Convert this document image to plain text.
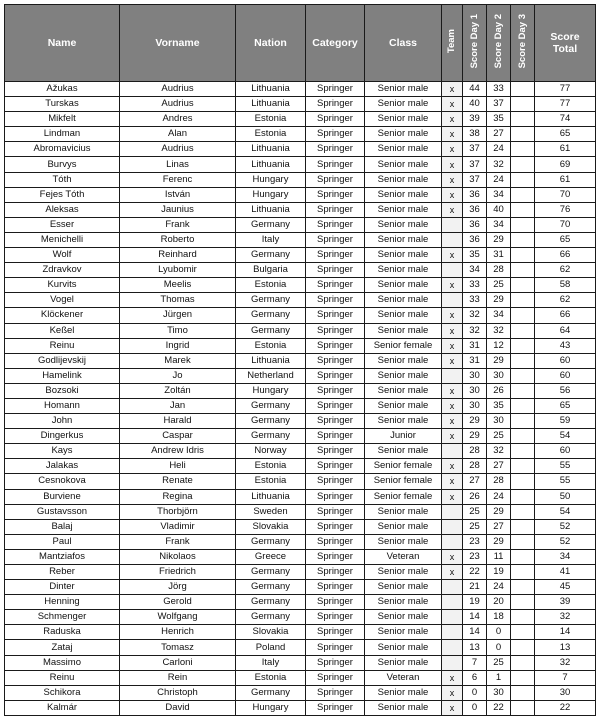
Name	Vorname	Nation	Category	Class	Team	Score Day 1	Score Day 2	Score Day 3	Score Total
Ažukas	Audrius	Lithuania	Springer	Senior male	x	44	33		77
Turskas	Audrius	Lithuania	Springer	Senior male	x	40	37		77
Mikfelt	Andres	Estonia	Springer	Senior male	x	39	35		74
Lindman	Alan	Estonia	Springer	Senior male	x	38	27		65
Abromavicius	Audrius	Lithuania	Springer	Senior male	x	37	24		61
Burvys	Linas	Lithuania	Springer	Senior male	x	37	32		69
Tóth	Ferenc	Hungary	Springer	Senior male	x	37	24		61
Fejes Tóth	István	Hungary	Springer	Senior male	x	36	34		70
Aleksas	Jaunius	Lithuania	Springer	Senior male	x	36	40		76
Esser	Frank	Germany	Springer	Senior male		36	34		70
Menichelli	Roberto	Italy	Springer	Senior male		36	29		65
Wolf	Reinhard	Germany	Springer	Senior male	x	35	31		66
Zdravkov	Lyubomir	Bulgaria	Springer	Senior male		34	28		62
Kurvits	Meelis	Estonia	Springer	Senior male	x	33	25		58
Vogel	Thomas	Germany	Springer	Senior male		33	29		62
Klöckener	Jürgen	Germany	Springer	Senior male	x	32	34		66
Keßel	Timo	Germany	Springer	Senior male	x	32	32		64
Reinu	Ingrid	Estonia	Springer	Senior female	x	31	12		43
Godlijevskij	Marek	Lithuania	Springer	Senior male	x	31	29		60
Hamelink	Jo	Netherland	Springer	Senior male		30	30		60
Bozsoki	Zoltán	Hungary	Springer	Senior male	x	30	26		56
Homann	Jan	Germany	Springer	Senior male	x	30	35		65
John	Harald	Germany	Springer	Senior male	x	29	30		59
Dingerkus	Caspar	Germany	Springer	Junior	x	29	25		54
Kays	Andrew Idris	Norway	Springer	Senior male		28	32		60
Jalakas	Heli	Estonia	Springer	Senior female	x	28	27		55
Cesnokova	Renate	Estonia	Springer	Senior female	x	27	28		55
Burviene	Regina	Lithuania	Springer	Senior female	x	26	24		50
Gustavsson	Thorbjörn	Sweden	Springer	Senior male		25	29		54
Balaj	Vladimir	Slovakia	Springer	Senior male		25	27		52
Paul	Frank	Germany	Springer	Senior male		23	29		52
Mantziafos	Nikolaos	Greece	Springer	Veteran	x	23	11		34
Reber	Friedrich	Germany	Springer	Senior male	x	22	19		41
Dinter	Jörg	Germany	Springer	Senior male		21	24		45
Henning	Gerold	Germany	Springer	Senior male		19	20		39
Schmenger	Wolfgang	Germany	Springer	Senior male		14	18		32
Raduska	Henrich	Slovakia	Springer	Senior male		14	0		14
Zataj	Tomasz	Poland	Springer	Senior male		13	0		13
Massimo	Carloni	Italy	Springer	Senior male		7	25		32
Reinu	Rein	Estonia	Springer	Veteran	x	6	1		7
Schikora	Christoph	Germany	Springer	Senior male	x	0	30		30
Kalmár	David	Hungary	Springer	Senior male	x	0	22		22
